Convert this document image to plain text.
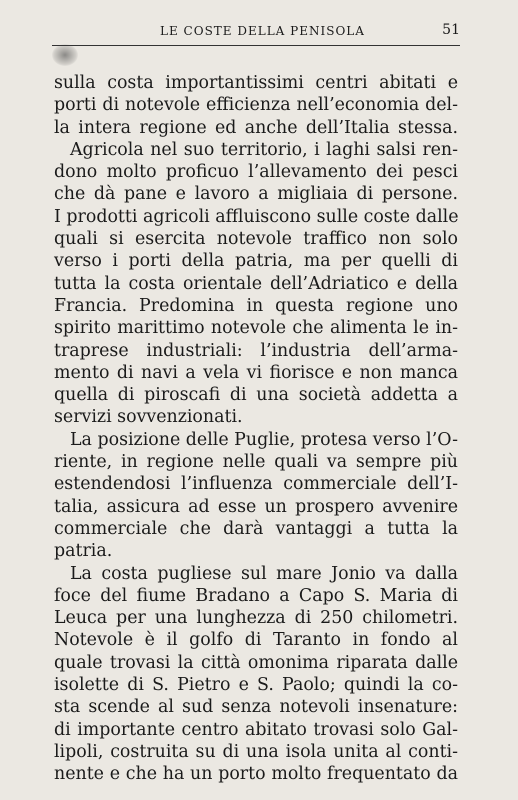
LE COSTE DELLA PENISOLA	51
sulla costa importantissimi centri abitati e
porti di notevole efficienza nell’economia del-
la intera regione ed anche dell’Italia stessa.
Agricola nel suo territorio, i laghi salsi ren-
dono molto proficuo l’allevamento dei pesci
che dà pane e lavoro a migliaia di persone.
I prodotti agricoli affluiscono sulle coste dalle
quali si esercita notevole traffico non solo
verso i porti della patria, ma per quelli di
tutta la costa orientale dell’Adriatico e della
Francia. Predomina in questa regione uno
spirito marittimo notevole che alimenta le in-
traprese industriali: l’industria dell’arma-
mento di navi a vela vi fiorisce e non manca
quella di piroscafi di una società addetta a
servizi sovvenzionati.
La posizione delle Puglie, protesa verso l’O-
riente, in regione nelle quali va sempre più
estendendosi l’influenza commerciale dell’I-
talia, assicura ad esse un prospero avvenire
commerciale che darà vantaggi a tutta la
patria.
La costa pugliese sul mare Jonio va dalla
foce del fiume Bradano a Capo S. Maria di
Leuca per una lunghezza di 250 chilometri.
Notevole è il golfo di Taranto in fondo al
quale trovasi la città omonima riparata dalle
isolette di S. Pietro e S. Paolo; quindi la co-
sta scende al sud senza notevoli insenature:
di importante centro abitato trovasi solo Gal-
lipoli, costruita su di una isola unita al conti-
nente e che ha un porto molto frequentato da
